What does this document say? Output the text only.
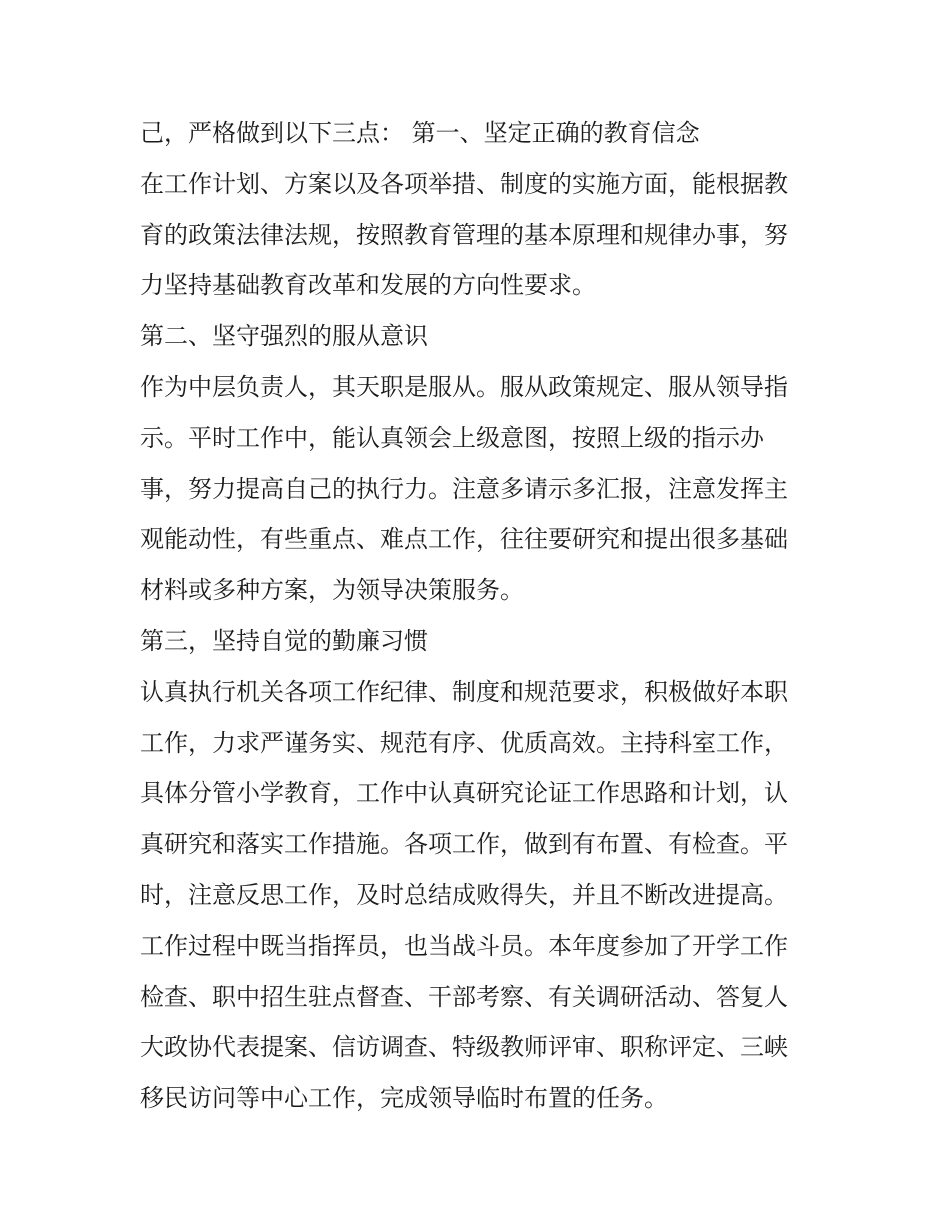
己，严格做到以下三点： 第一、坚定正确的教育信念
在工作计划、方案以及各项举措、制度的实施方面，能根据教
育的政策法律法规，按照教育管理的基本原理和规律办事，努
力坚持基础教育改革和发展的方向性要求。
第二、坚守强烈的服从意识
作为中层负责人，其天职是服从。服从政策规定、服从领导指
示。平时工作中，能认真领会上级意图，按照上级的指示办
事，努力提高自己的执行力。注意多请示多汇报，注意发挥主
观能动性，有些重点、难点工作，往往要研究和提出很多基础
材料或多种方案，为领导决策服务。
第三，坚持自觉的勤廉习惯
认真执行机关各项工作纪律、制度和规范要求，积极做好本职
工作，力求严谨务实、规范有序、优质高效。主持科室工作，
具体分管小学教育，工作中认真研究论证工作思路和计划，认
真研究和落实工作措施。各项工作，做到有布置、有检查。平
时，注意反思工作，及时总结成败得失，并且不断改进提高。
工作过程中既当指挥员，也当战斗员。本年度参加了开学工作
检查、职中招生驻点督查、干部考察、有关调研活动、答复人
大政协代表提案、信访调查、特级教师评审、职称评定、三峡
移民访问等中心工作，完成领导临时布置的任务。
